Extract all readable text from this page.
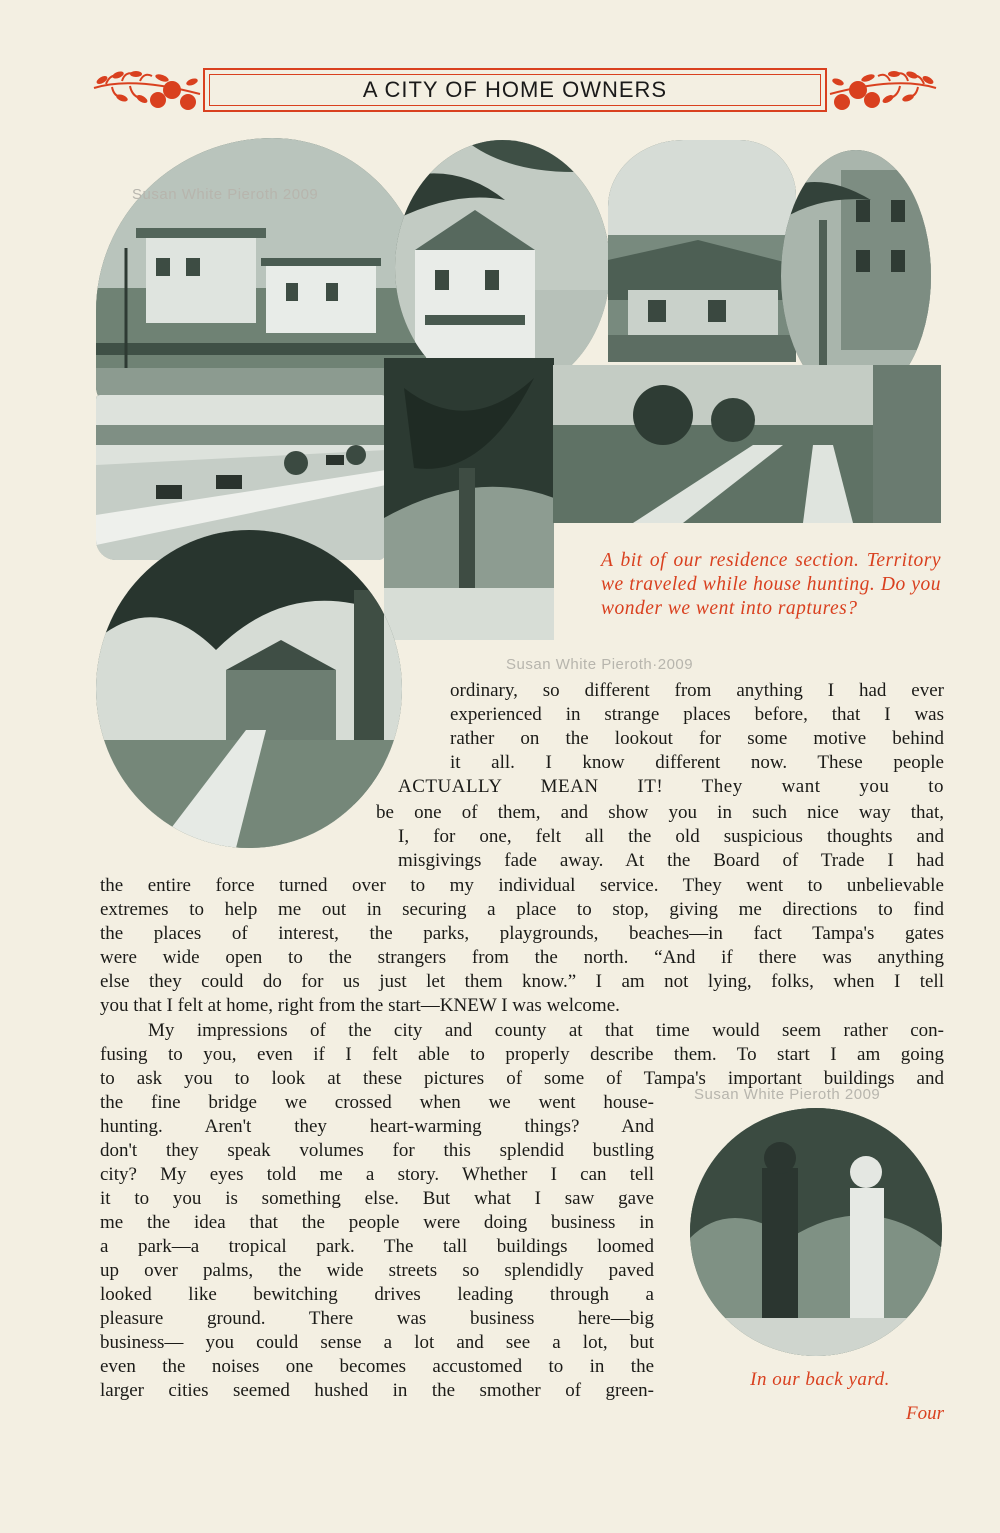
A CITY OF HOME OWNERS
A bit of our residence section. Territory we traveled while house hunting. Do you wonder we went into raptures?
In our back yard.
Susan White Pieroth 2009
Susan White Pieroth·2009
Susan White Pieroth 2009
ordinary, so different from anything I had ever
experienced in strange places before, that I was
rather on the lookout for some motive behind
it all. I know different now. These people
ACTUALLY MEAN IT! They want you to
be one of them, and show you in such nice way that,
I, for one, felt all the old suspicious thoughts and
misgivings fade away. At the Board of Trade I had
the entire force turned over to my individual service. They went to unbelievable
extremes to help me out in securing a place to stop, giving me directions to find
the places of interest, the parks, playgrounds, beaches—in fact Tampa's gates
were wide open to the strangers from the north. “And if there was anything
else they could do for us just let them know.” I am not lying, folks, when I tell
you that I felt at home, right from the start—KNEW I was welcome.
My impressions of the city and county at that time would seem rather con-
fusing to you, even if I felt able to properly describe them. To start I am going
to ask you to look at these pictures of some of Tampa's important buildings and
the fine bridge we crossed when we went house-
hunting. Aren't they heart-warming things? And
don't they speak volumes for this splendid bustling
city? My eyes told me a story. Whether I can tell
it to you is something else. But what I saw gave
me the idea that the people were doing business in
a park—a tropical park. The tall buildings loomed
up over palms, the wide streets so splendidly paved
looked like bewitching drives leading through a
pleasure ground. There was business here—big
business— you could sense a lot and see a lot, but
even the noises one becomes accustomed to in the
larger cities seemed hushed in the smother of green-
Four
